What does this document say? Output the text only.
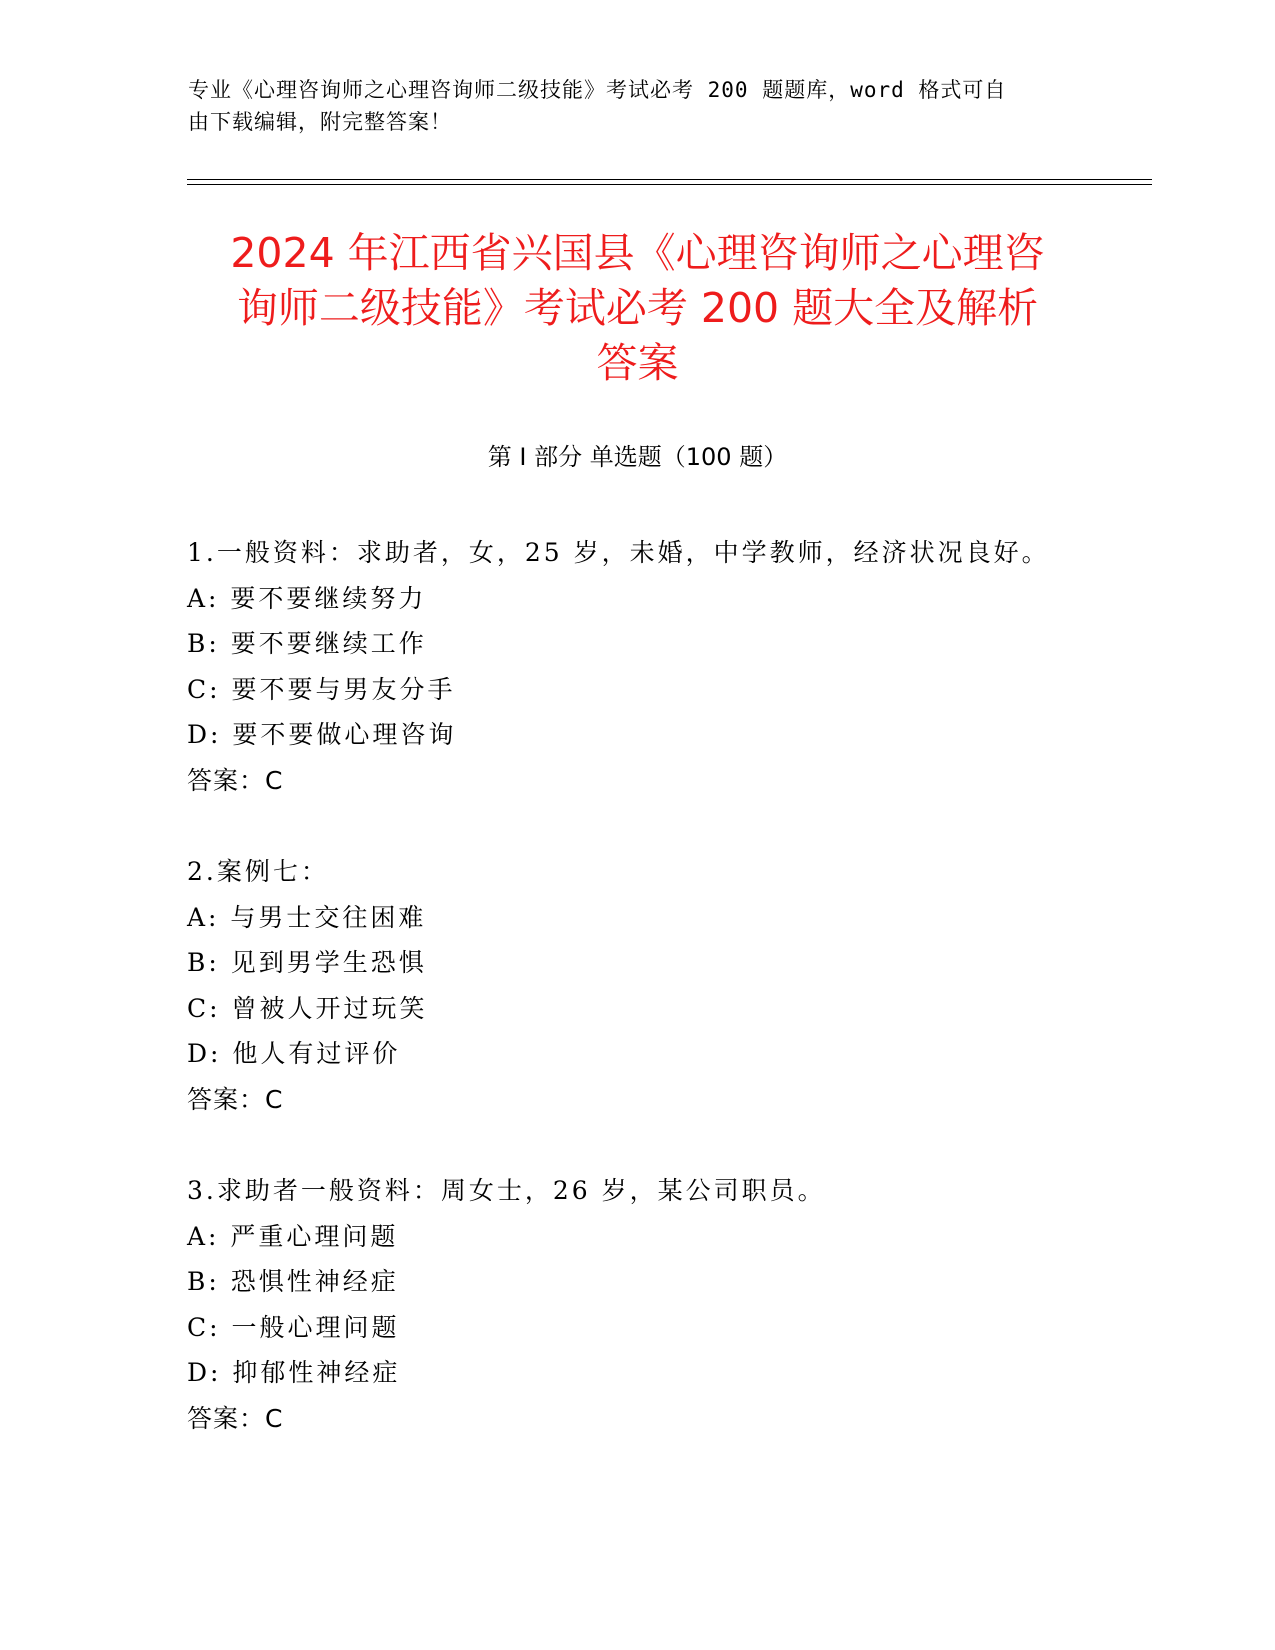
专业《心理咨询师之心理咨询师二级技能》考试必考 200 题题库，word 格式可自
由下载编辑，附完整答案！
2024 年江西省兴国县《心理咨询师之心理咨
询师二级技能》考试必考 200 题大全及解析
答案
第 I 部分 单选题（100 题）
1.一般资料：求助者，女，25 岁，未婚，中学教师，经济状况良好。
A: 要不要继续努力
B: 要不要继续工作
C: 要不要与男友分手
D: 要不要做心理咨询
答案：C
2.案例七：
A: 与男士交往困难
B: 见到男学生恐惧
C: 曾被人开过玩笑
D: 他人有过评价
答案：C
3.求助者一般资料：周女士，26 岁，某公司职员。
A: 严重心理问题
B: 恐惧性神经症
C: 一般心理问题
D: 抑郁性神经症
答案：C
